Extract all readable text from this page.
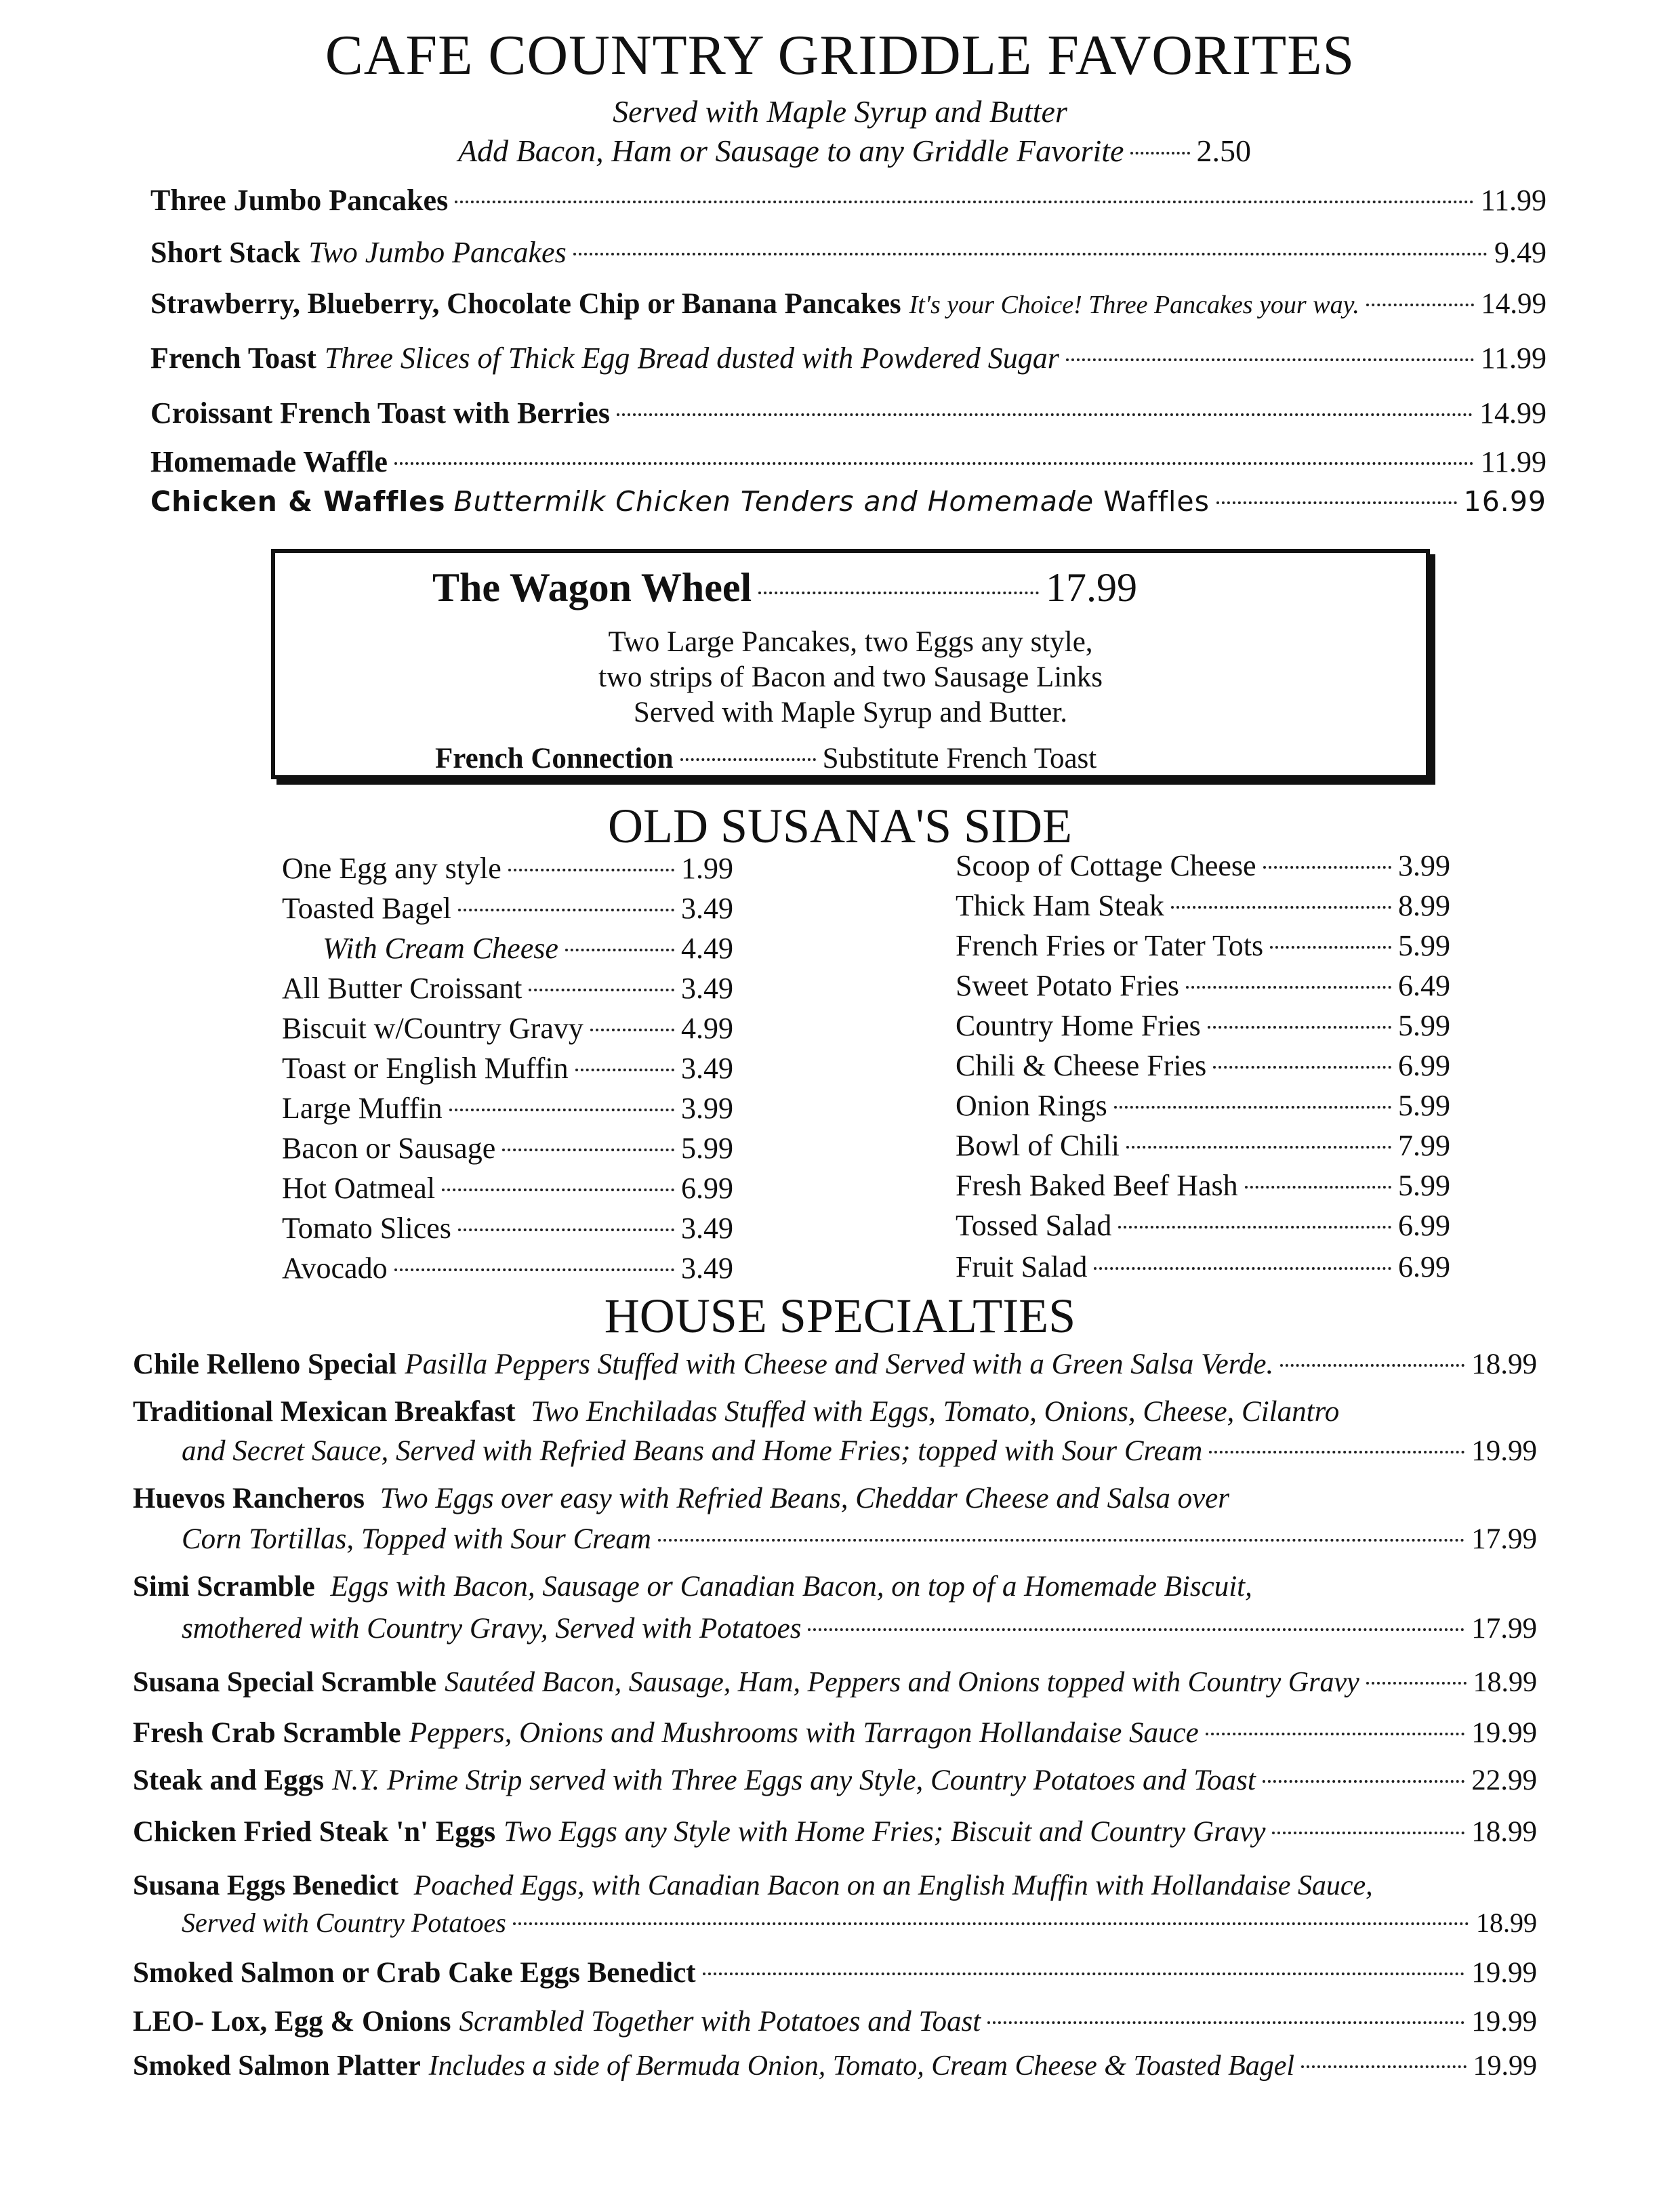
CAFE COUNTRY GRIDDLE FAVORITES
Served with Maple Syrup and Butter
Add Bacon, Ham or Sausage to any Griddle Favorite 2.50
Three Jumbo Pancakes	11.99
Short Stack Two Jumbo Pancakes	9.49
Strawberry, Blueberry, Chocolate Chip or Banana Pancakes It's your Choice! Three Pancakes your way.	14.99
French Toast Three Slices of Thick Egg Bread dusted with Powdered Sugar	11.99
Croissant French Toast with Berries	14.99
Homemade Waffle	11.99
Chicken & Waffles Buttermilk Chicken Tenders and Homemade Waffles	16.99
The Wagon Wheel	17.99
Two Large Pancakes, two Eggs any style,
two strips of Bacon and two Sausage Links
Served with Maple Syrup and Butter.
French Connection	Substitute French Toast
OLD SUSANA'S SIDE
One Egg any style	1.99
Toasted Bagel	3.49
With Cream Cheese	4.49
All Butter Croissant	3.49
Biscuit w/Country Gravy	4.99
Toast or English Muffin	3.49
Large Muffin	3.99
Bacon or Sausage	5.99
Hot Oatmeal	6.99
Tomato Slices	3.49
Avocado	3.49
Scoop of Cottage Cheese	3.99
Thick Ham Steak	8.99
French Fries or Tater Tots	5.99
Sweet Potato Fries	6.49
Country Home Fries	5.99
Chili & Cheese Fries	6.99
Onion Rings	5.99
Bowl of Chili	7.99
Fresh Baked Beef Hash	5.99
Tossed Salad	6.99
Fruit Salad	6.99
HOUSE SPECIALTIES
Chile Relleno Special Pasilla Peppers Stuffed with Cheese and Served with a Green Salsa Verde.	18.99
Traditional Mexican Breakfast Two Enchiladas Stuffed with Eggs, Tomato, Onions, Cheese, Cilantro
and Secret Sauce, Served with Refried Beans and Home Fries; topped with Sour Cream	19.99
Huevos Rancheros Two Eggs over easy with Refried Beans, Cheddar Cheese and Salsa over
Corn Tortillas, Topped with Sour Cream	17.99
Simi Scramble Eggs with Bacon, Sausage or Canadian Bacon, on top of a Homemade Biscuit,
smothered with Country Gravy, Served with Potatoes	17.99
Susana Special Scramble Sautéed Bacon, Sausage, Ham, Peppers and Onions topped with Country Gravy	18.99
Fresh Crab Scramble Peppers, Onions and Mushrooms with Tarragon Hollandaise Sauce	19.99
Steak and Eggs N.Y. Prime Strip served with Three Eggs any Style, Country Potatoes and Toast	22.99
Chicken Fried Steak 'n' Eggs Two Eggs any Style with Home Fries; Biscuit and Country Gravy	18.99
Susana Eggs Benedict Poached Eggs, with Canadian Bacon on an English Muffin with Hollandaise Sauce,
Served with Country Potatoes	18.99
Smoked Salmon or Crab Cake Eggs Benedict	19.99
LEO- Lox, Egg & Onions Scrambled Together with Potatoes and Toast	19.99
Smoked Salmon Platter Includes a side of Bermuda Onion, Tomato, Cream Cheese & Toasted Bagel	19.99
